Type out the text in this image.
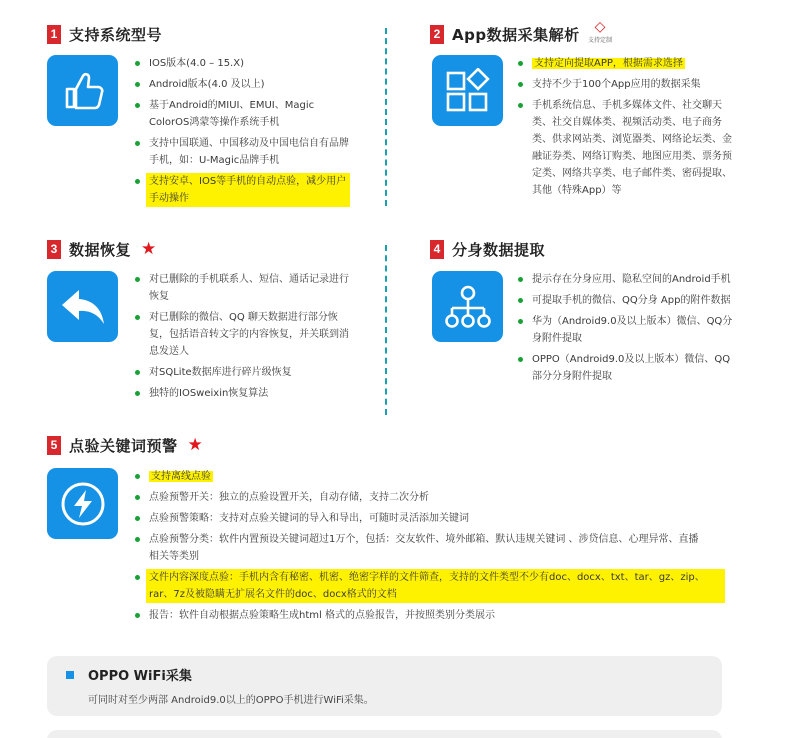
1 支持系统型号
IOS版本(4.0 – 15.X)
Android版本(4.0 及以上)
基于Android的MIUI、EMUI、Magic ColorOS鸿蒙等操作系统手机
支持中国联通、中国移动及中国电信自有品牌手机，如：U-Magic品牌手机
支持安卓、IOS等手机的自动点验，减少用户手动操作
2 App数据采集解析 ◇
支持定制
支持定向提取APP，根据需求选择
支持不少于100个App应用的数据采集
手机系统信息、手机多媒体文件、社交聊天类、社交自媒体类、视频活动类、电子商务类、供求网站类、浏览器类、网络论坛类、金融证券类、网络订购类、地图应用类、票务预定类、网络共享类、电子邮件类、密码提取、其他（特殊App）等
3 数据恢复 ★
对已删除的手机联系人、短信、通话记录进行恢复
对已删除的微信、QQ 聊天数据进行部分恢复，包括语音转文字的内容恢复，并关联到消息发送人
对SQLite数据库进行碎片级恢复
独特的IOSweixin恢复算法
4 分身数据提取
提示存在分身应用、隐私空间的Android手机
可提取手机的微信、QQ分身 App的附件数据
华为（Android9.0及以上版本）微信、QQ分身附件提取
OPPO（Android9.0及以上版本）微信、QQ 部分分身附件提取
5 点验关键词预警 ★
支持离线点验
点验预警开关：独立的点验设置开关，自动存储，支持二次分析
点验预警策略：支持对点验关键词的导入和导出，可随时灵活添加关键词
点验预警分类：软件内置预设关键词超过1万个，包括：交友软件、境外邮箱、默认违规关键词 、涉贷信息、心理异常、直播相关等类别
文件内容深度点验：手机内含有秘密、机密、绝密字样的文件筛查，支持的文件类型不少有doc、docx、txt、tar、gz、zip、rar、7z及被隐瞒无扩展名文件的doc、docx格式的文档
报告：软件自动根据点验策略生成html 格式的点验报告，并按照类别分类展示
OPPO WiFi采集
可同时对至少两部 Android9.0以上的OPPO手机进行WiFi采集。
